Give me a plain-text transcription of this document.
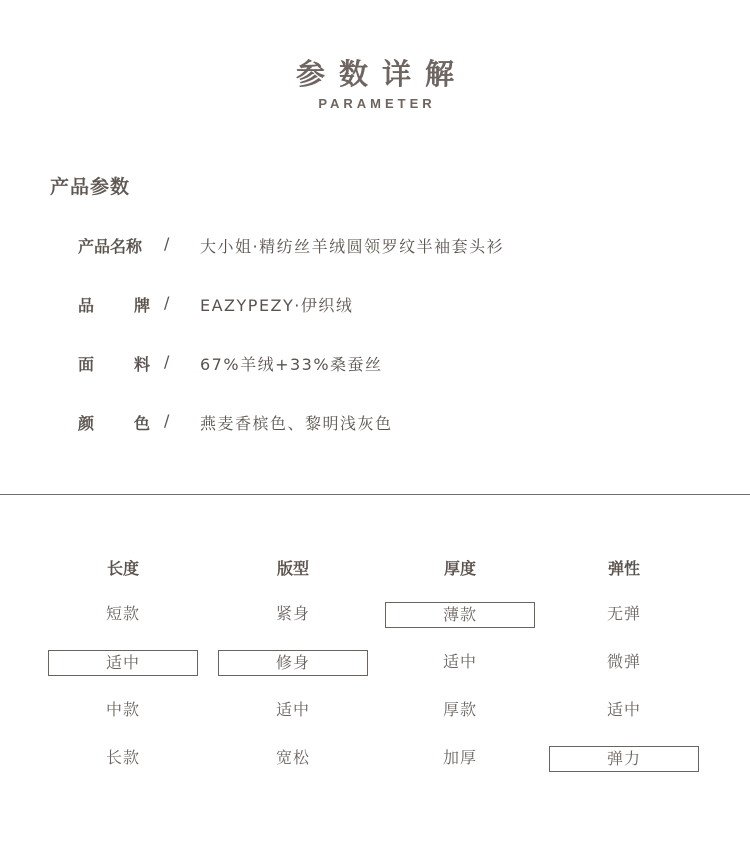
参数详解
PARAMETER
产品参数
产品名称 / 大小姐·精纺丝羊绒圆领罗纹半袖套头衫
品 牌 / EAZYPEZY·伊织绒
面 料 / 67%羊绒+33%桑蚕丝
颜 色 / 燕麦香槟色、黎明浅灰色
长度
短款
适中
中款
长款
版型
紧身
修身
适中
宽松
厚度
薄款
适中
厚款
加厚
弹性
无弹
微弹
适中
弹力
